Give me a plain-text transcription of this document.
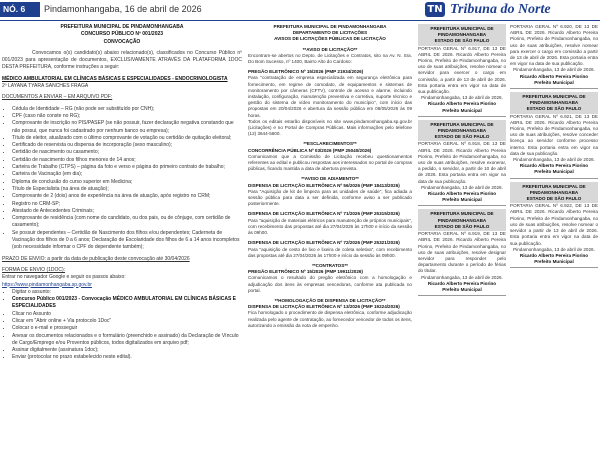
NÓ. 6	Pindamonhangaba, 16 de abril de 2026	TN Tribuna do Norte
PREFEITURA MUNICIPAL DE PINDAMONHANGABA
CONCURSO PÚBLICO Nº 001/2023
CONVOCAÇÃO
Convocamos o(s) candidato(s) abaixo relacionado(s), classificados no Concurso Público nº 001/2023 para apresentação de documentos, EXCLUSIVAMENTE ATRAVÉS DA PLATAFORMA 1DOC DESTA PREFEITURA, conforme instruções a seguir:
MÉDICO AMBULATORIAL EM CLÍNICAS BÁSICAS E ESPECIALIDADES - ENDOCRINOLOGISTA
2º LAYANA TYARA SANCHES FRAGA
DOCUMENTOS A ENVIAR – EM ARQUIVO PDF:
• Cédula de Identidade – RG (não pode ser substituído por CNH);
• CPF (caso não conste no RG);
• Comprovante de inscrição no PIS/PASEP (se não possuir, fazer declaração negativa constando que não possui, que nunca foi cadastrado por nenhum banco ou empresa);
• Título de eleitor, atualizado com o último comprovante de votação ou certidão de quitação eleitoral;
• Certificado de reservista ou dispensa de incorporação (sexo masculino);
• Certidão de nascimento ou casamento;
• Certidão de nascimento dos filhos menores de 14 anos;
• Carteira de Trabalho (CTPS) – página da foto e verso e página do primeiro contrato de trabalho;
• Carteira de Vacinação (em dia);
• Diploma de conclusão do curso superior em Medicina;
• Título de Especialista (na área de atuação);
• Comprovante de 2 (dois) anos de experiência na área de atuação, após registro no CRM;
• Registro no CRM-SP;
• Atestado de Antecedentes Criminais;
• Comprovante de residência (com nome do candidato, ou dos pais, ou de cônjuge, com certidão de casamento);
• Se possuir dependentes – Certidão de Nascimento dos filhos e/ou dependentes; Caderneta de Vacinação dos filhos de 0 a 6 anos; Declaração de Escolaridade dos filhos de 6 a 14 anos incompletos (sob necessidade informar o CPF do dependente também);
PRAZO DE ENVIO: a partir da data de publicação deste convocação até 30/04/2026
FORMA DE ENVIO (1DOC):
Entrar no navegador Google e seguir os passos abaixo:
https://www.pindamonhangaba.sp.gov.br
• Digitar o assunto:
• Concurso Público 001/2023 - Convocação MÉDICO AMBULATORIAL EM CLÍNICAS BÁSICAS E ESPECIALIDADES
• Clicar no Assunto
• Clicar em "Abrir online + Via protocolo 1Doc"
• Colocar o e-mail e prosseguir
• Anexar os documentos relacionados e o formulário (preenchido e assinado) da Declaração de Vínculo de Cargo/Emprego e/ou Proventos públicos, todos digitalizados em arquivo pdf;
• Assinar digitalmente (assinatura 1doc);
• Enviar (protocolar no prazo estabelecido neste edital).
PREFEITURA MUNICIPAL DE PINDAMONHANGABA
DEPARTAMENTO DE LICITAÇÕES
AVISOS DE LICITAÇÕES PÚBLICAS DE LICITAÇÃO
**AVISO DE LICITAÇÃO**
Encontram-se abertos no Depto. de Licitações e Contratos, sito na Av. N. Sra. Do Bom Sucesso, nº 1400, Bairro Alto do Cardoso:
PREGÃO ELETRÔNICO Nº 15/2026 (PMP 21934/2026)
Para "contratação de empresa especializada em segurança eletrônica para fornecimento, em regime de comodato, de equipamentos e sistemas de monitoramento por câmeras (CFTV), controle de acesso e alarme, incluindo instalação, configuração, manutenção preventiva e corretiva, suporte técnico e gestão do sistema de vídeo monitoramento do município", com início das propostas em 20/04/2026 e abertura da sessão pública em 08/05/2026 às 09 horas.
Todos os editais estarão disponíveis no site www.pindamonhangaba.sp.gov.br (Licitações) e no Portal de Compras Públicas. Mais informações pelo telefone (12) 3644-5600.
**ESCLARECIMENTOS**
CONCORRÊNCIA PÚBLICA Nº 03/2026 (PMP 25040/2026)
Comunicamos que a Comissão de Licitação recebeu questionamentos referentes ao edital e publicou respostas aos interessados no portal de compras públicas, ficando mantida a data de abertura prevista.
**AVISO DE ADIAMENTO**
DISPENSA DE LICITAÇÃO ELETRÔNICA Nº 56/2026 (PMP 18413/2026)
Para "Aquisição de kit de limpeza para as unidades de saúde", fica adiada a sessão pública para data a ser definida, conforme aviso a ser publicado posteriormente.
DISPENSA DE LICITAÇÃO ELETRÔNICA Nº 71/2026 (PMP 25315/2026)
Para "aquisição de materiais elétricos para manutenção de próprios municipais", com recebimento das propostas até dia 27/04/2026 às 17h00 e início da sessão às 09h00.
DISPENSA DE LICITAÇÃO ELETRÔNICA Nº 72/2026 (PMP 25321/2026)
Para "aquisição de cesto de lixo e lixeira de coleta seletiva", com recebimento das propostas até dia 27/04/2026 às 17h00 e início da sessão às 09h00.
**CONTRATOS**
PREGÃO ELETRÔNICO Nº 15/2026 (PMP 19911/2026)
Comunicamos o resultado do pregão eletrônico com a homologação e adjudicação dos itens às empresas vencedoras, conforme ata publicada no portal.
**HOMOLOGAÇÃO DE DISPENSA DE LICITAÇÃO**
DISPENSA DE LICITAÇÃO ELETRÔNICA Nº 13/2026 (PMP 19224/2026)
Fica homologado o procedimento de dispensa eletrônica, conforme adjudicação realizada pelo agente de contratação, ao fornecedor vencedor de todos os itens, autorizando a emissão da nota de empenho.
PREFEITURA MUNICIPAL DE PINDAMONHANGABA
ESTADO DE SÃO PAULO
PORTARIA GERAL Nº 6.917, DE 13 DE ABRIL DE 2026. Ricardo Alberto Pereira Piorino, Prefeito de Pindamonhangaba, no uso de suas atribuições, resolve nomear o servidor para exercer o cargo em comissão, a partir de 13 de abril de 2026. Esta portaria entra em vigor na data de sua publicação.
Pindamonhangaba, 13 de abril de 2026.
Ricardo Alberto Pereira Piorino
Prefeito Municipal
PREFEITURA MUNICIPAL DE PINDAMONHANGABA
ESTADO DE SÃO PAULO
PORTARIA GERAL Nº 6.918, DE 13 DE ABRIL DE 2026. Ricardo Alberto Pereira Piorino, Prefeito de Pindamonhangaba, no uso de suas atribuições, resolve exonerar, a pedido, o servidor, a partir de 10 de abril de 2026. Esta portaria entra em vigor na data de sua publicação.
Pindamonhangaba, 13 de abril de 2026.
Ricardo Alberto Pereira Piorino
Prefeito Municipal
PREFEITURA MUNICIPAL DE PINDAMONHANGABA
ESTADO DE SÃO PAULO
PORTARIA GERAL Nº 6.919, DE 13 DE ABRIL DE 2026. Ricardo Alberto Pereira Piorino, Prefeito de Pindamonhangaba, no uso de suas atribuições, resolve designar servidor para responder pelo departamento durante o período de férias do titular.
Pindamonhangaba, 13 de abril de 2026.
Ricardo Alberto Pereira Piorino
Prefeito Municipal
PORTARIA GERAL Nº 6.920, DE 13 DE ABRIL DE 2026. Ricardo Alberto Pereira Piorino, Prefeito de Pindamonhangaba, no uso de suas atribuições, resolve nomear para exercer o cargo em comissão a partir de 13 de abril de 2026. Esta portaria entra em vigor na data de sua publicação.
Pindamonhangaba, 13 de abril de 2026.
Ricardo Alberto Pereira Piorino
Prefeito Municipal
PREFEITURA MUNICIPAL DE PINDAMONHANGABA
ESTADO DE SÃO PAULO
PORTARIA GERAL Nº 6.921, DE 13 DE ABRIL DE 2026. Ricardo Alberto Pereira Piorino, Prefeito de Pindamonhangaba, no uso de suas atribuições, resolve conceder licença ao servidor conforme processo interno. Esta portaria entra em vigor na data de sua publicação.
Pindamonhangaba, 13 de abril de 2026.
Ricardo Alberto Pereira Piorino
Prefeito Municipal
PREFEITURA MUNICIPAL DE PINDAMONHANGABA
ESTADO DE SÃO PAULO
PORTARIA GERAL Nº 6.922, DE 13 DE ABRIL DE 2026. Ricardo Alberto Pereira Piorino, Prefeito de Pindamonhangaba, no uso de suas atribuições, resolve nomear o servidor a partir de 13 de abril de 2026. Esta portaria entra em vigor na data de sua publicação.
Pindamonhangaba, 13 de abril de 2026.
Ricardo Alberto Pereira Piorino
Prefeito Municipal
